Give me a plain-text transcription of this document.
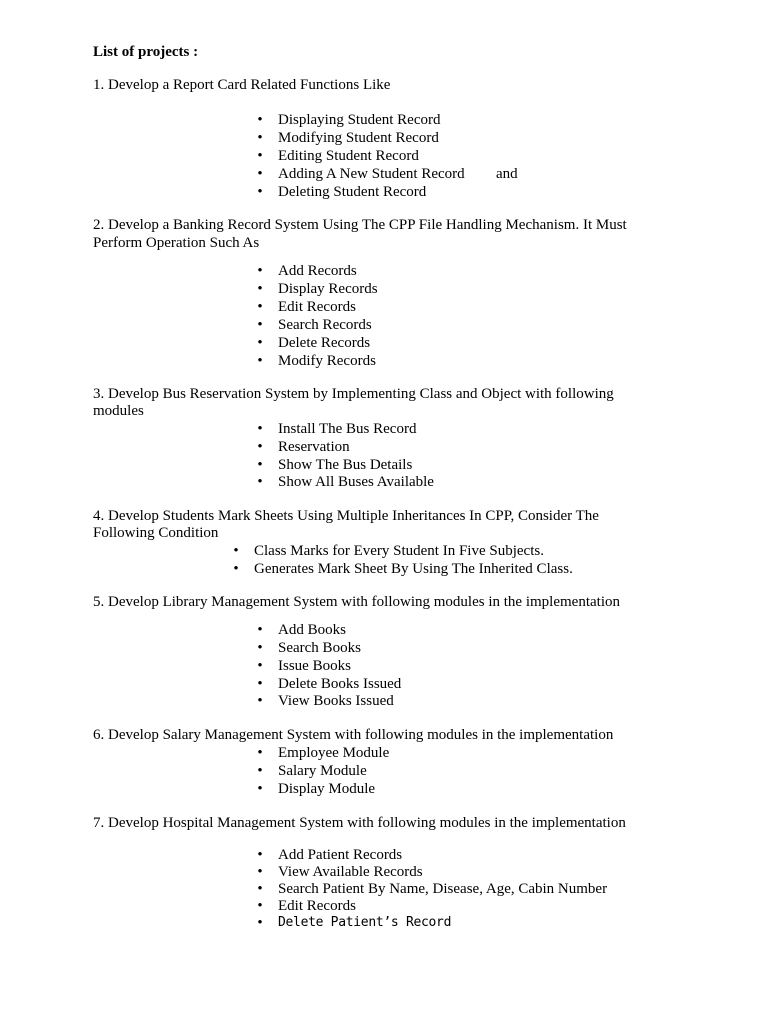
List of projects :
1. Develop a Report Card Related Functions Like
• Displaying Student Record
• Modifying Student Record
• Editing Student Record
• Adding A New Student Record and
• Deleting Student Record
2. Develop a Banking Record System Using The CPP File Handling Mechanism. It Must
Perform Operation Such As
• Add Records
• Display Records
• Edit Records
• Search Records
• Delete Records
• Modify Records
3. Develop Bus Reservation System by Implementing Class and Object with following
modules
• Install The Bus Record
• Reservation
• Show The Bus Details
• Show All Buses Available
4. Develop Students Mark Sheets Using Multiple Inheritances In CPP, Consider The
Following Condition
• Class Marks for Every Student In Five Subjects.
• Generates Mark Sheet By Using The Inherited Class.
5. Develop Library Management System with following modules in the implementation
• Add Books
• Search Books
• Issue Books
• Delete Books Issued
• View Books Issued
6. Develop Salary Management System with following modules in the implementation
• Employee Module
• Salary Module
• Display Module
7. Develop Hospital Management System with following modules in the implementation
• Add Patient Records
• View Available Records
• Search Patient By Name, Disease, Age, Cabin Number
• Edit Records
• Delete Patient’s Record
